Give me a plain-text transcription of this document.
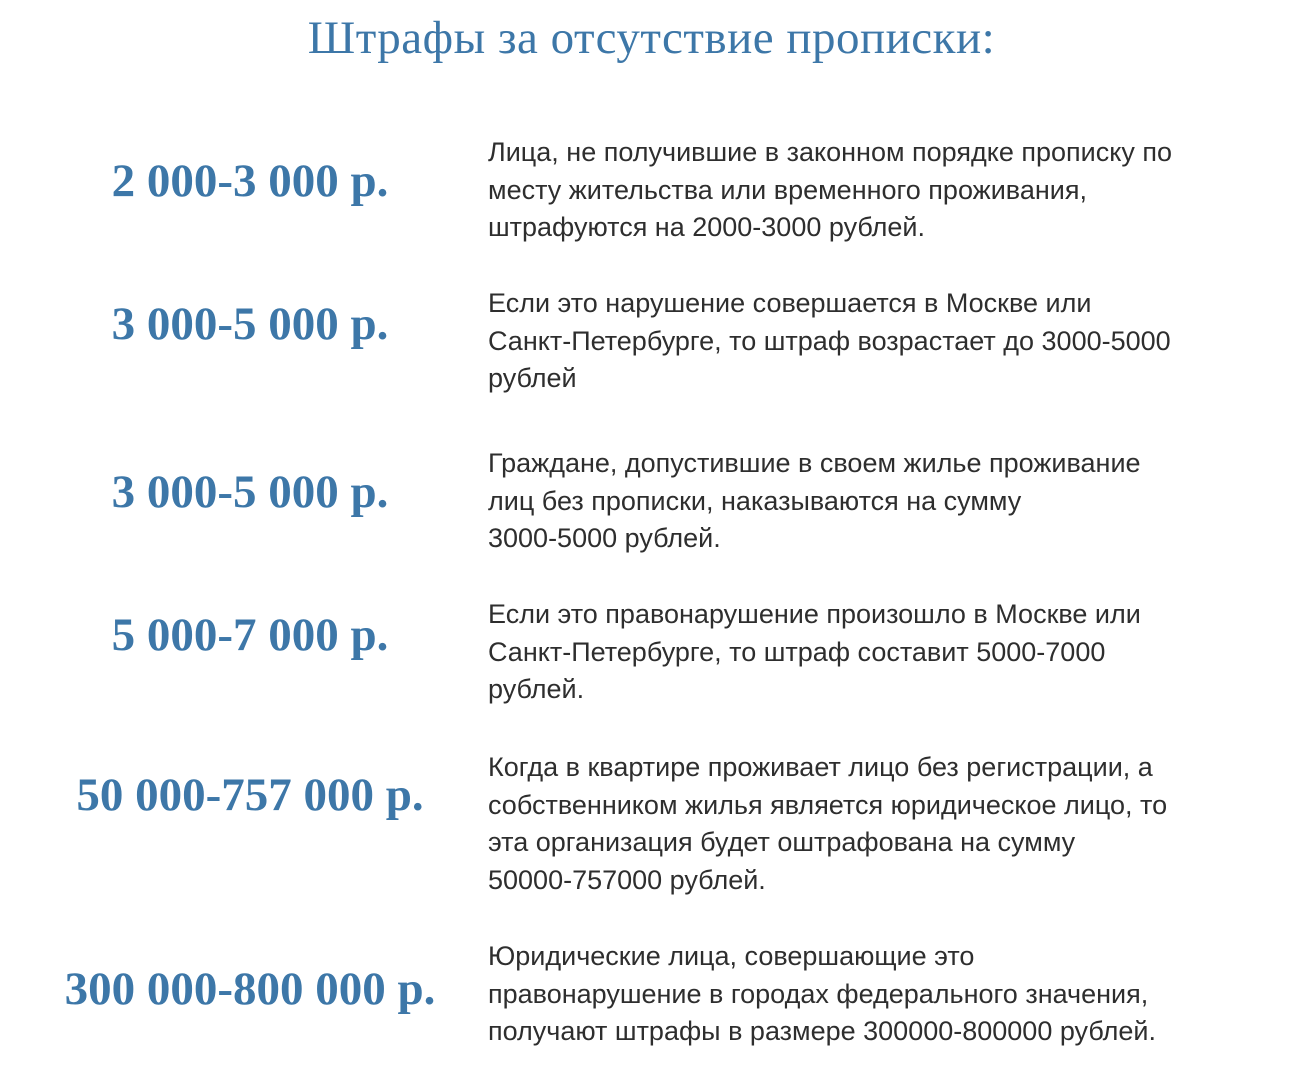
Штрафы за отсутствие прописки:
2 000-3 000 р.
Лица, не получившие в законном порядке прописку по
месту жительства или временного проживания,
штрафуются на 2000-3000 рублей.
3 000-5 000 р.	Если это нарушение совершается в Москве или
Санкт-Петербурге, то штраф возрастает до 3000-5000
рублей
3 000-5 000 р.
Граждане, допустившие в своем жилье проживание
лиц без прописки, наказываются на сумму
3000-5000 рублей.
5 000-7 000 р.	Если это правонарушение произошло в Москве или
Санкт-Петербурге, то штраф составит 5000-7000
рублей.
50 000-757 000 р.
Когда в квартире проживает лицо без регистрации, а
собственником жилья является юридическое лицо, то
эта организация будет оштрафована на сумму
50000-757000 рублей.
300 000-800 000 р.
Юридические лица, совершающие это
правонарушение в городах федерального значения,
получают штрафы в размере 300000-800000 рублей.
